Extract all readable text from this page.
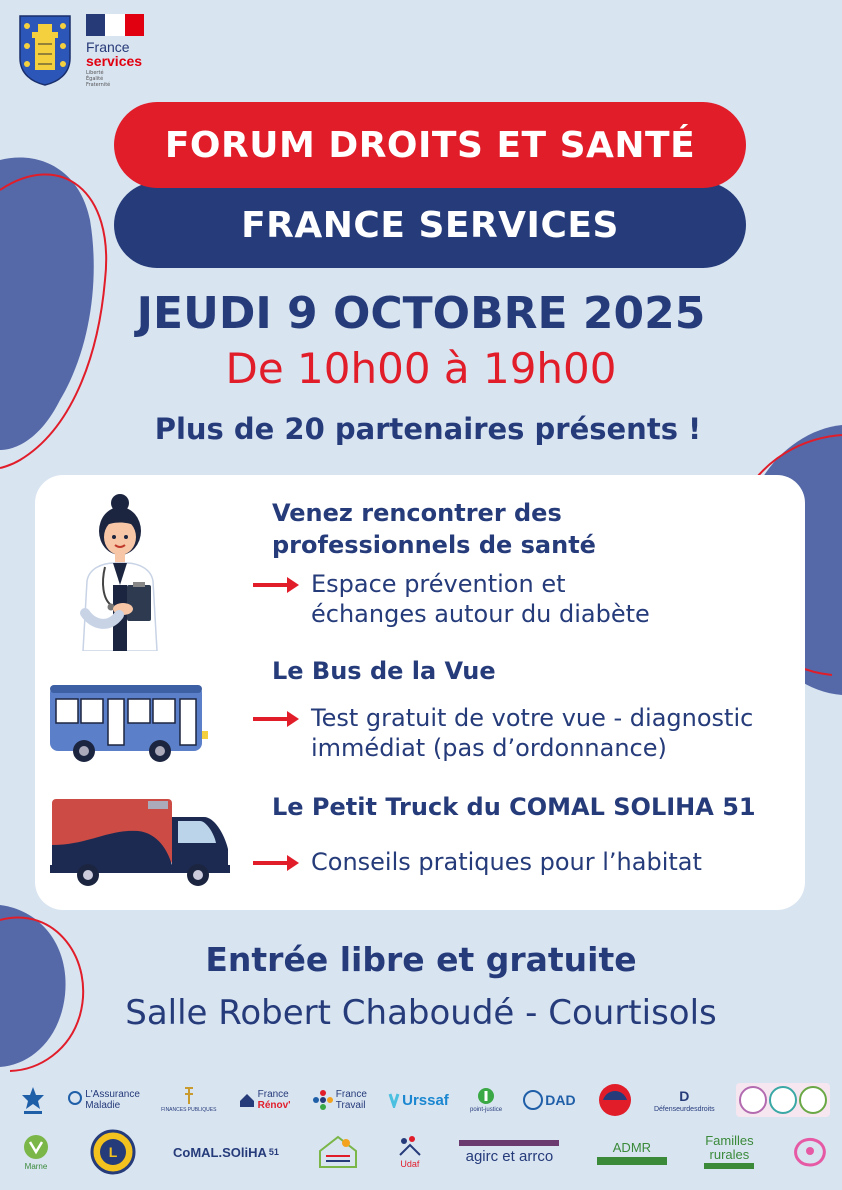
France
services
Liberté Égalité Fraternité
FORUM DROITS ET SANTÉ
FRANCE SERVICES
JEUDI 9 OCTOBRE 2025
De 10h00 à 19h00
Plus de 20 partenaires présents !
Venez rencontrer des
professionnels de santé
Espace prévention et
échanges autour du diabète
Le Bus de la Vue
Test gratuit de votre vue - diagnostic
immédiat (pas d’ordonnance)
Le Petit Truck du COMAL SOLIHA 51
Conseils pratiques pour l’habitat
Entrée libre et gratuite
Salle Robert Chaboudé - Courtisols
L'Assurance
Maladie	FINANCES PUBLIQUES
France
Rénov'
France
Travail Urssaf
point-justice
DAD	D
Défenseurdesdroits
Marne
L	CoMAL.SOliHA 51
Udaf	agirc et arrco
ADMR	Familles
rurales
